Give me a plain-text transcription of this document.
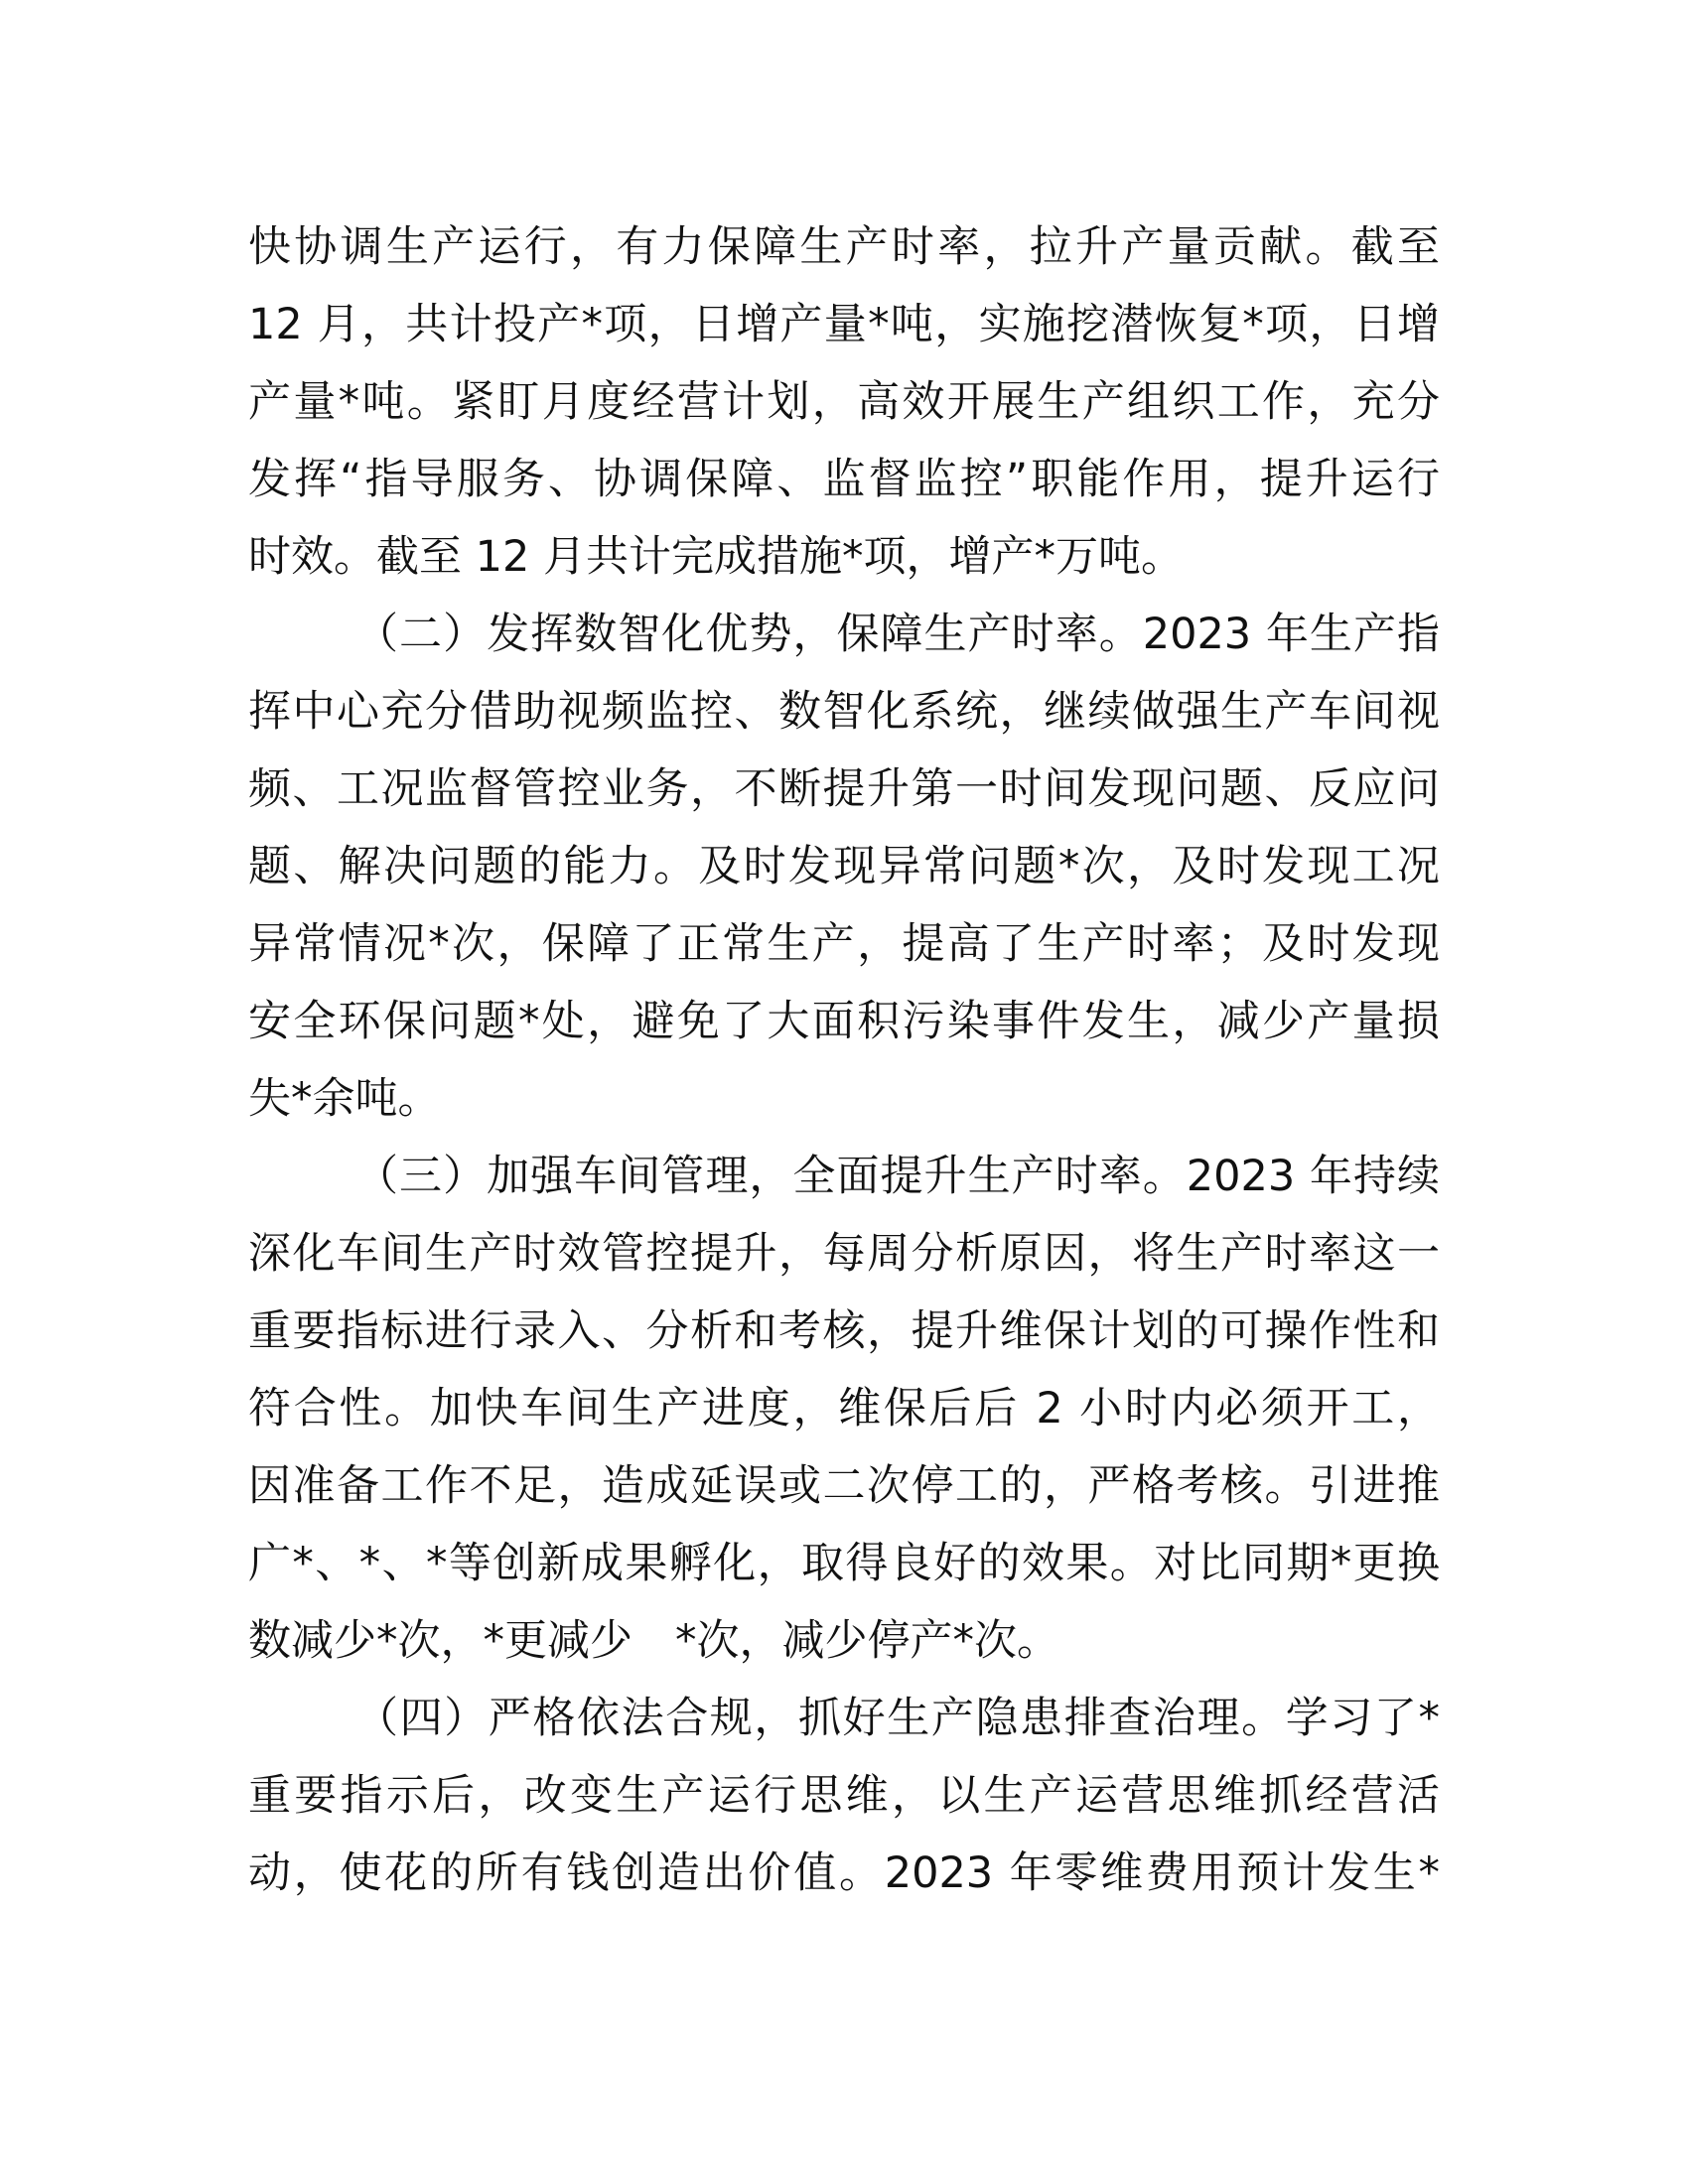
快协调生产运行，有力保障生产时率，拉升产量贡献。截至
12 月，共计投产*项，日增产量*吨，实施挖潜恢复*项，日增
产量*吨。紧盯月度经营计划，高效开展生产组织工作，充分
发挥“指导服务、协调保障、监督监控”职能作用，提升运行
时效。截至 12 月共计完成措施*项，增产*万吨。
（二）发挥数智化优势，保障生产时率。2023 年生产指
挥中心充分借助视频监控、数智化系统，继续做强生产车间视
频、工况监督管控业务，不断提升第一时间发现问题、反应问
题、解决问题的能力。及时发现异常问题*次，及时发现工况
异常情况*次，保障了正常生产，提高了生产时率；及时发现
安全环保问题*处，避免了大面积污染事件发生，减少产量损
失*余吨。
（三）加强车间管理，全面提升生产时率。2023 年持续
深化车间生产时效管控提升，每周分析原因，将生产时率这一
重要指标进行录入、分析和考核，提升维保计划的可操作性和
符合性。加快车间生产进度，维保后后 2 小时内必须开工，
因准备工作不足，造成延误或二次停工的，严格考核。引进推
广*、*、*等创新成果孵化，取得良好的效果。对比同期*更换
数减少*次，*更减少　*次，减少停产*次。
（四）严格依法合规，抓好生产隐患排查治理。学习了*
重要指示后，改变生产运行思维，以生产运营思维抓经营活
动，使花的所有钱创造出价值。2023 年零维费用预计发生*
